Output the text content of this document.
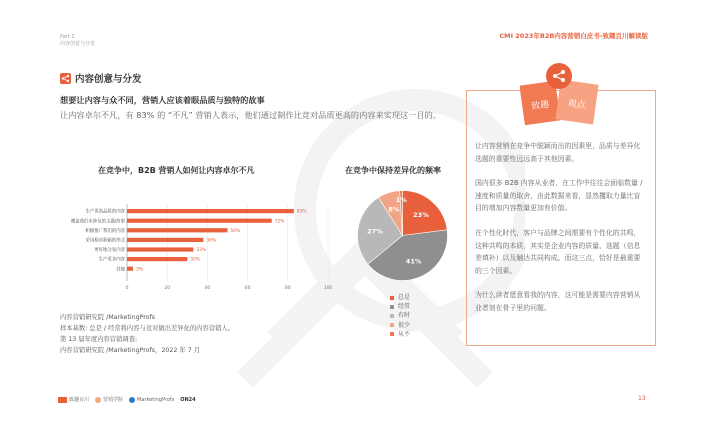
Part 2
内容创意与分发
CMI 2023年B2B内容营销白皮书-致趣百川解读版
内容创意与分发
想要让内容与众不同，营销人应该着眼品质与独特的故事
让内容卓尔不凡，有 83% 的 “不凡” 营销人表示，他们通过制作比竞对品质更高的内容来实现这一目的。
在竞争中，B2B 营销人如何让内容卓尔不凡	在竞争中保持差异化的频率
0	20	40	60	80	100
生产更高品质的内容	83%
覆盖我们未涉及的主题/故事	72%
积极推广我们的内容	50%
采用相对新颖的形式	38%
更好地分发内容	33%
生产更多内容	30%
其他	3%
23%
41%
27%
8%
1%
总是
经常
有时
很少
从不
内容营销研究院 /MarketingProfs
样本基数: 总是 / 经常将内容与竞对做出差异化的内容营销人。
第 13 届年度内容营销调查:
内容营销研究院 /MarketingProfs，2022 年 7 月
致趣 观点

让内容营销在竞争中脱颖而出的因素里，品质与差异化选题的重要性远远高于其他因素。

国内很多 B2B 内容从业者，在工作中往往会面临数量 / 速度和质量的取舍，由此数据来看，显然攫取力量比盲目的增加内容数量更加有价值。

在个性化时代，客户与品牌之间需要有个性化的共鸣，这种共鸣的本质，其实是企业内容的质量、选题（信息差填补）以及触达共同构成。而这三点，恰好是最重要的三个因素。

为什么读者愿意看我的内容，这可能是需要内容营销从业者刻在骨子里的问题。

致趣百川	营销学院	MarketingProfs ON24	13
